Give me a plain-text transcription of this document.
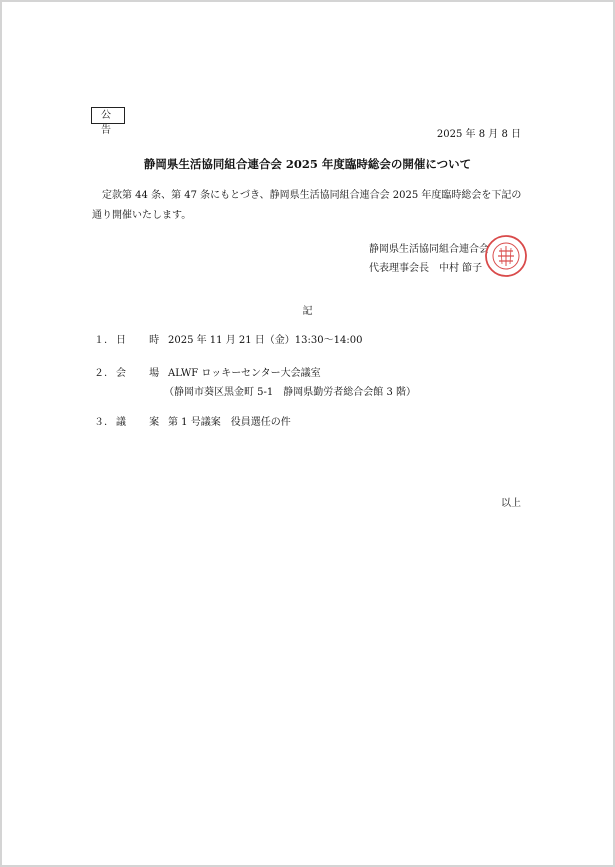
公 告	2025 年 8 月 8 日
静岡県生活協同組合連合会 2025 年度臨時総会の開催について
定款第 44 条、第 47 条にもとづき、静岡県生活協同組合連合会 2025 年度臨時総会を下記の通り開催いたします。
静岡県生活協同組合連合会
代表理事会長　中村 節子
記
１. 日 時2025 年 11 月 21 日（金）13:30〜14:00
２. 会 場ALWF ロッキーセンター大会議室
（静岡市葵区黒金町 5-1　静岡県勤労者総合会館 3 階）
３. 議 案第 1 号議案　役員選任の件
以上
